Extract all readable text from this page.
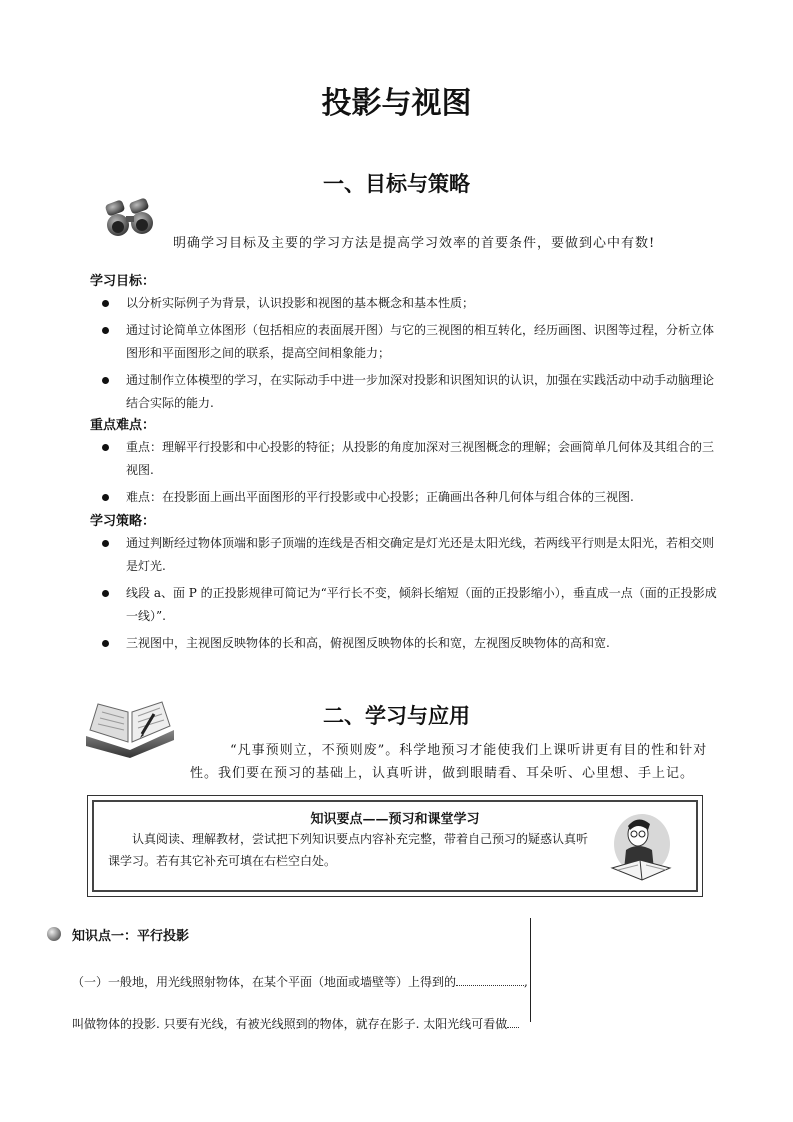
投影与视图
一、目标与策略
明确学习目标及主要的学习方法是提高学习效率的首要条件，要做到心中有数!
学习目标：
以分析实际例子为背景，认识投影和视图的基本概念和基本性质；
通过讨论简单立体图形（包括相应的表面展开图）与它的三视图的相互转化，经历画图、识图等过程，分析立体图形和平面图形之间的联系，提高空间相象能力；
通过制作立体模型的学习，在实际动手中进一步加深对投影和识图知识的认识，加强在实践活动中动手动脑理论结合实际的能力.
重点难点：
重点：理解平行投影和中心投影的特征；从投影的角度加深对三视图概念的理解；会画简单几何体及其组合的三视图.
难点：在投影面上画出平面图形的平行投影或中心投影；正确画出各种几何体与组合体的三视图.
学习策略：
通过判断经过物体顶端和影子顶端的连线是否相交确定是灯光还是太阳光线，若两线平行则是太阳光，若相交则是灯光.
线段 a、面 P 的正投影规律可简记为“平行长不变，倾斜长缩短（面的正投影缩小），垂直成一点（面的正投影成一线）”.
三视图中，主视图反映物体的长和高，俯视图反映物体的长和宽，左视图反映物体的高和宽.
二、学习与应用
“凡事预则立，不预则废”。科学地预习才能使我们上课听讲更有目的性和针对
性。我们要在预习的基础上，认真听讲，做到眼睛看、耳朵听、心里想、手上记。
知识要点——预习和课堂学习
认真阅读、理解教材，尝试把下列知识要点内容补充完整，带着自己预习的疑惑认真听课学习。若有其它补充可填在右栏空白处。
知识点一：平行投影
（一）一般地，用光线照射物体，在某个平面（地面或墙壁等）上得到的	,
叫做物体的投影. 只要有光线，有被光线照到的物体，就存在影子. 太阳光线可看做
